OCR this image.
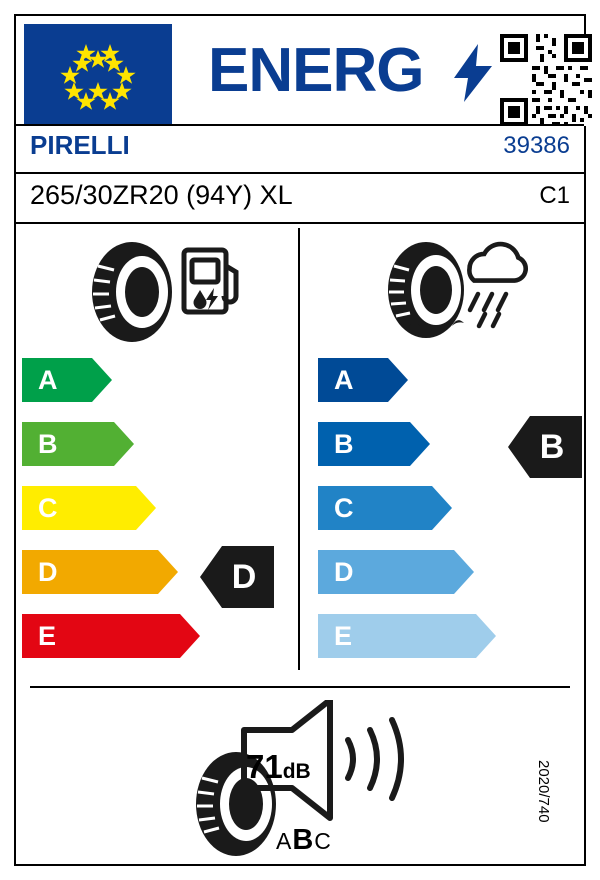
ENERG
PIRELLI	39386
265/30ZR20 (94Y) XL	C1
A
B
C
D
E
A
B
C
D
E
D
B
71dB
ABC
2020/740
